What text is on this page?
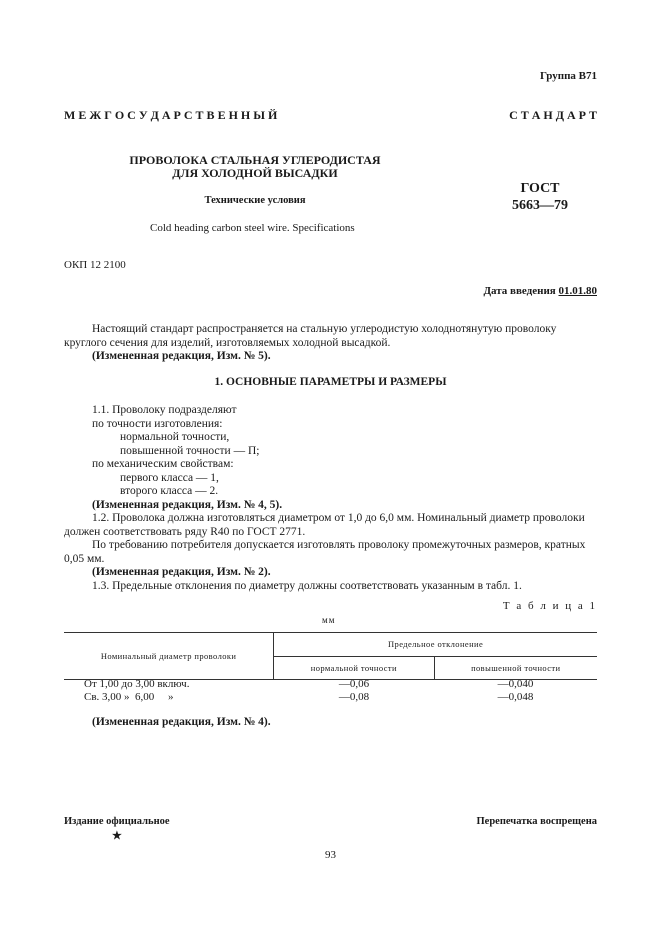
Группа В71
М Е Ж Г О С У Д А Р С Т В Е Н Н Ы Й	С Т А Н Д А Р Т
ПРОВОЛОКА СТАЛЬНАЯ УГЛЕРОДИСТАЯ
ДЛЯ ХОЛОДНОЙ ВЫСАДКИ
Технические условия
ГОСТ
5663—79
Cold heading carbon steel wire. Specifications
ОКП 12 2100
Дата введения 01.01.80

Настоящий стандарт распространяется на стальную углеродистую холоднотянутую проволоку круглого сечения для изделий, изготовляемых холодной высадкой.

(Измененная редакция, Изм. № 5).

1. ОСНОВНЫЕ ПАРАМЕТРЫ И РАЗМЕРЫ

1.1. Проволоку подразделяют

по точности изготовления:

нормальной точности,

повышенной точности — П;

по механическим свойствам:

первого класса — 1,

второго класса — 2.

(Измененная редакция, Изм. № 4, 5).

1.2. Проволока должна изготовляться диаметром от 1,0 до 6,0 мм. Номинальный диаметр проволоки должен соответствовать ряду R40 по ГОСТ 2771.

По требованию потребителя допускается изготовлять проволоку промежуточных размеров, кратных 0,05 мм.

(Измененная редакция, Изм. № 2).

1.3. Предельные отклонения по диаметру должны соответствовать указанным в табл. 1.

Т а б л и ц а 1
мм
Номинальный диаметр проволоки	Предельное отклонение	
	нормальной точности	повышенной точности
От 1,00 до 3,00 включ.	—0,06	—0,040
Св. 3,00 »  6,00     »	—0,08	—0,048
(Измененная редакция, Изм. № 4).
Издание официальное
★
Перепечатка воспрещена
93
